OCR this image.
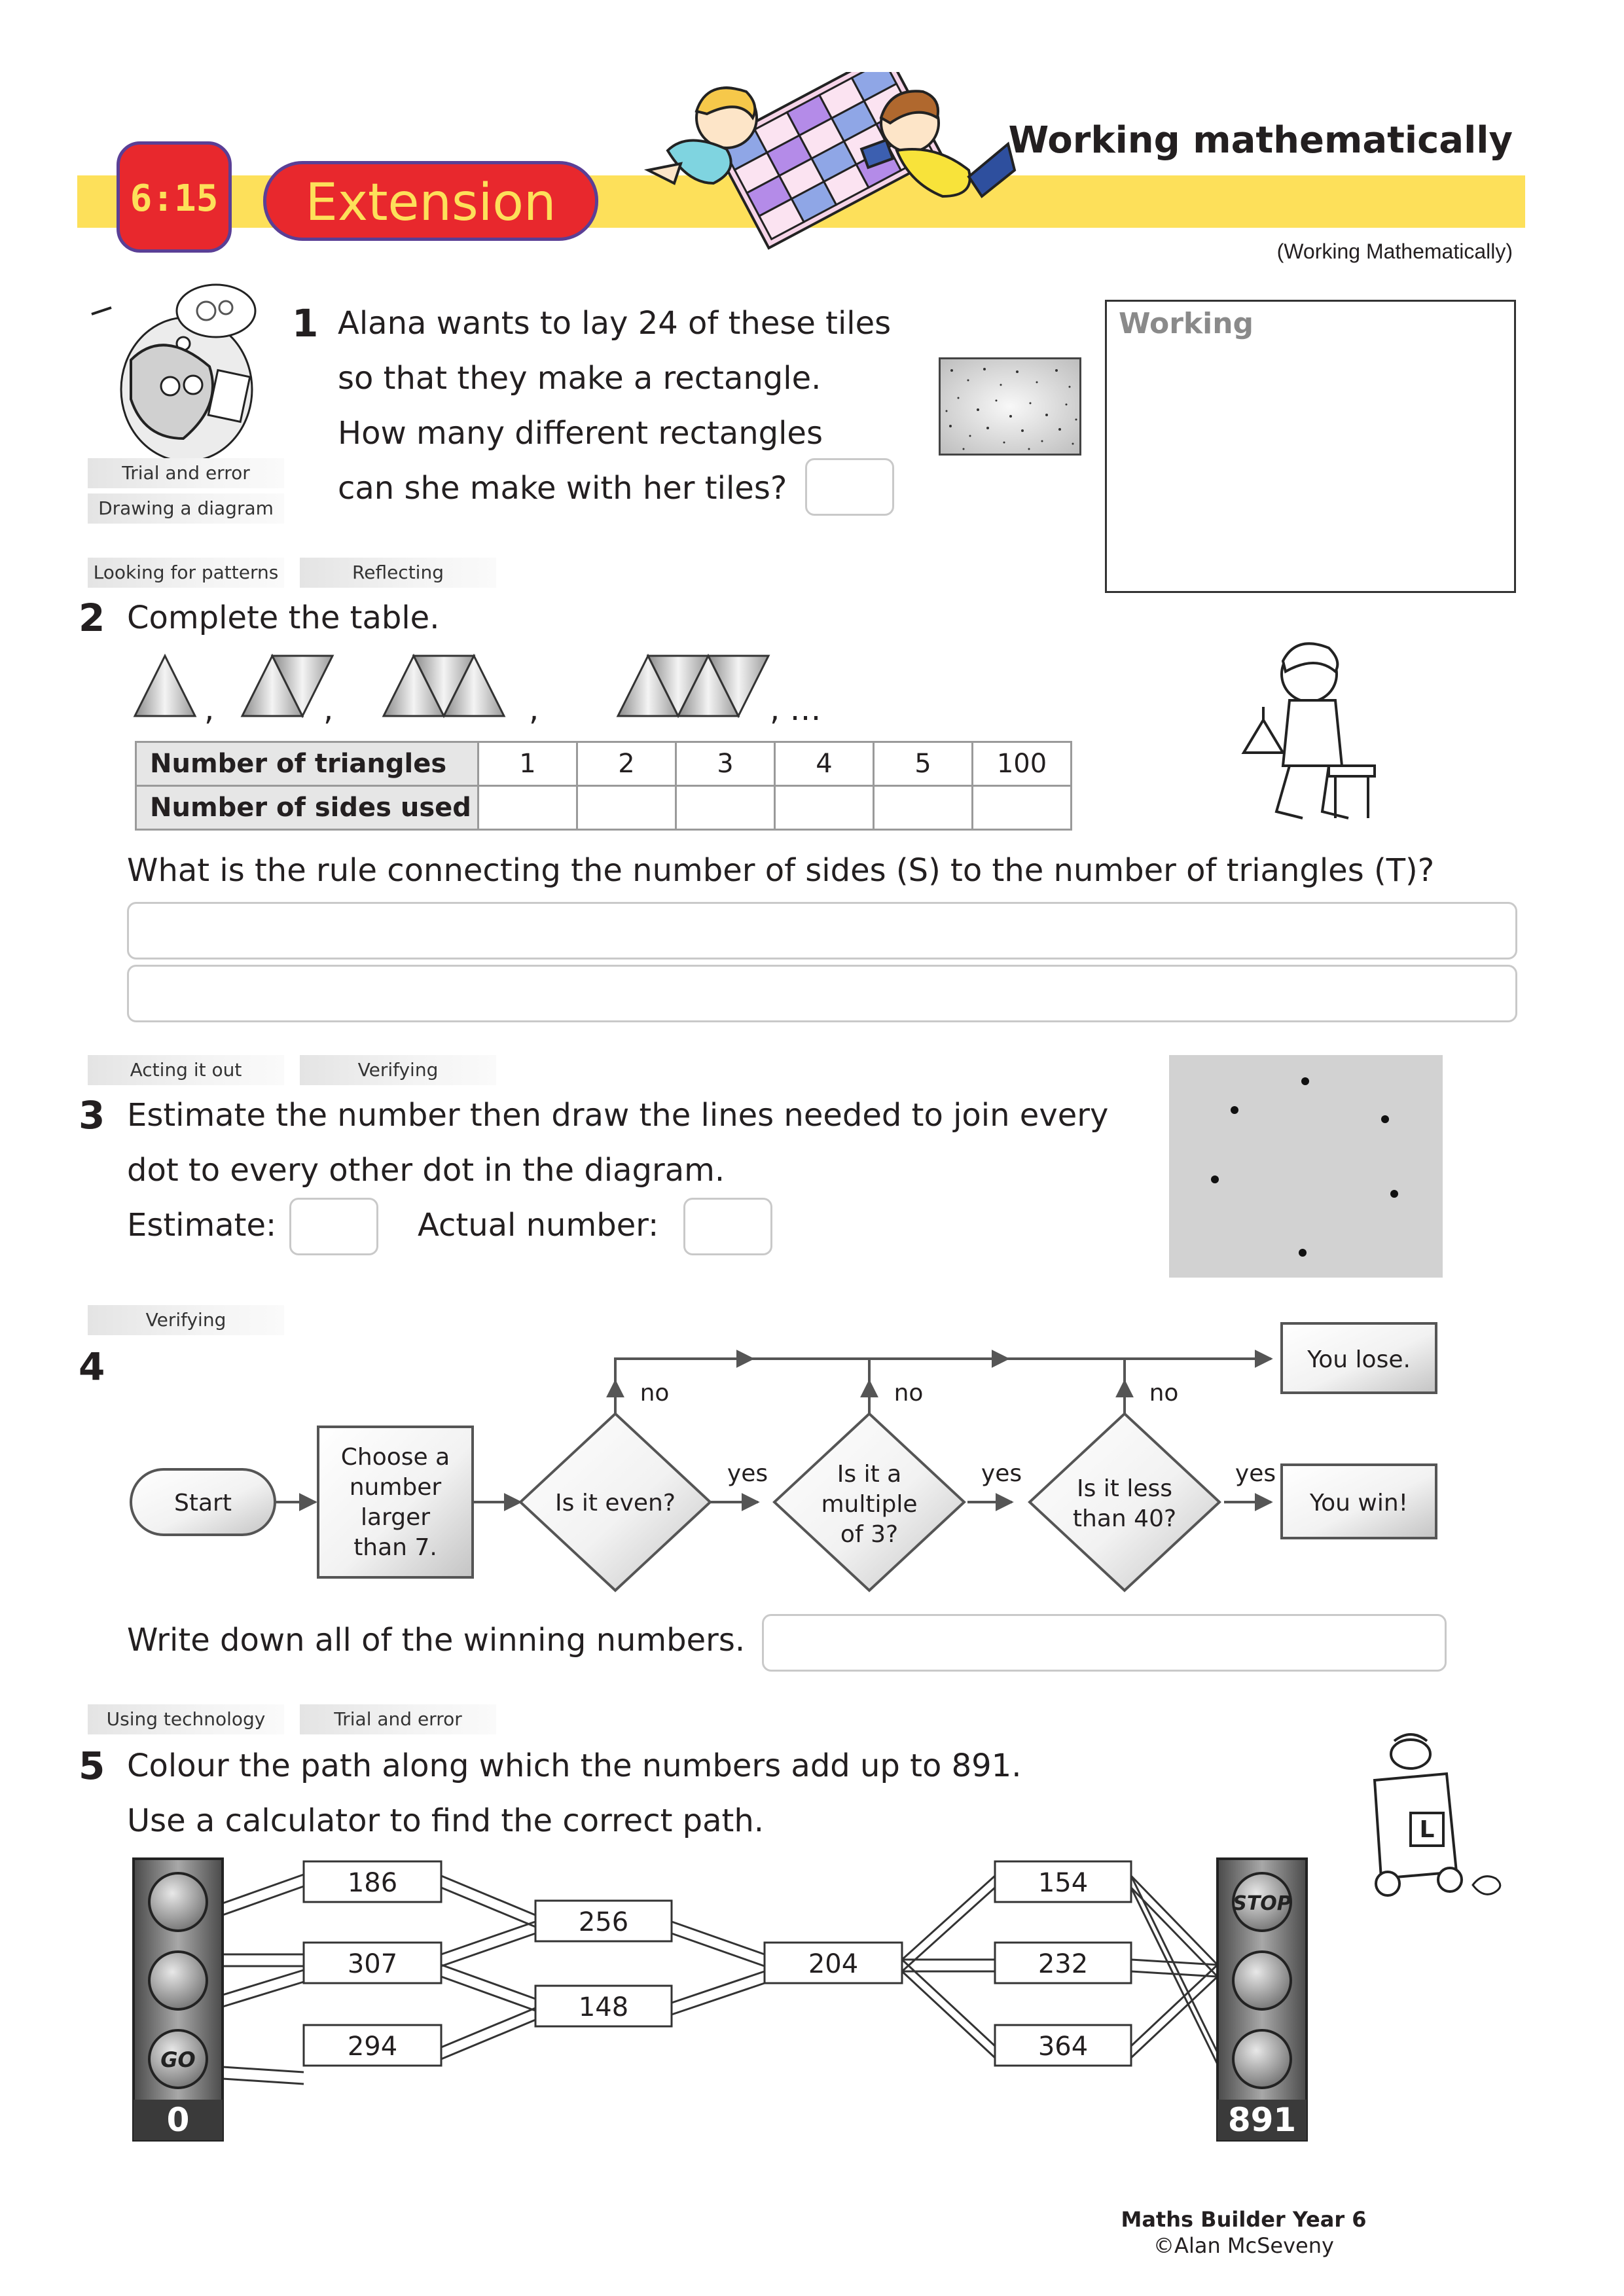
6:15	Extension
Working mathematically
(Working Mathematically)
Trial and error
Drawing a diagram
1 Alana wants to lay 24 of these tiles
so that they make a rectangle.
How many different rectangles
can she make with her tiles?
Working
Looking for patterns	Reflecting
2 Complete the table.
,	,	,	, …
Number of triangles	1	2	3	4	5	100
Number of sides used						
What is the rule connecting the number of sides (S) to the number of triangles (T)?
Acting it out	Verifying
3 Estimate the number then draw the lines needed to join every
dot to every other dot in the diagram.
Estimate:	Actual number:
Verifying
4
Start
Choose a
number
larger
than 7.
Is it even?
Is it a
multiple
of 3?
Is it less
than 40?
You win!
You lose.
yes	yes	yes
no	no	no
Write down all of the winning numbers.
Using technology	Trial and error
5 Colour the path along which the numbers add up to 891.
Use a calculator to find the correct path.	L
GO
0
STOP
891
186
307
294
256
148
204
154
232
364
Maths Builder Year 6
©Alan McSeveny
